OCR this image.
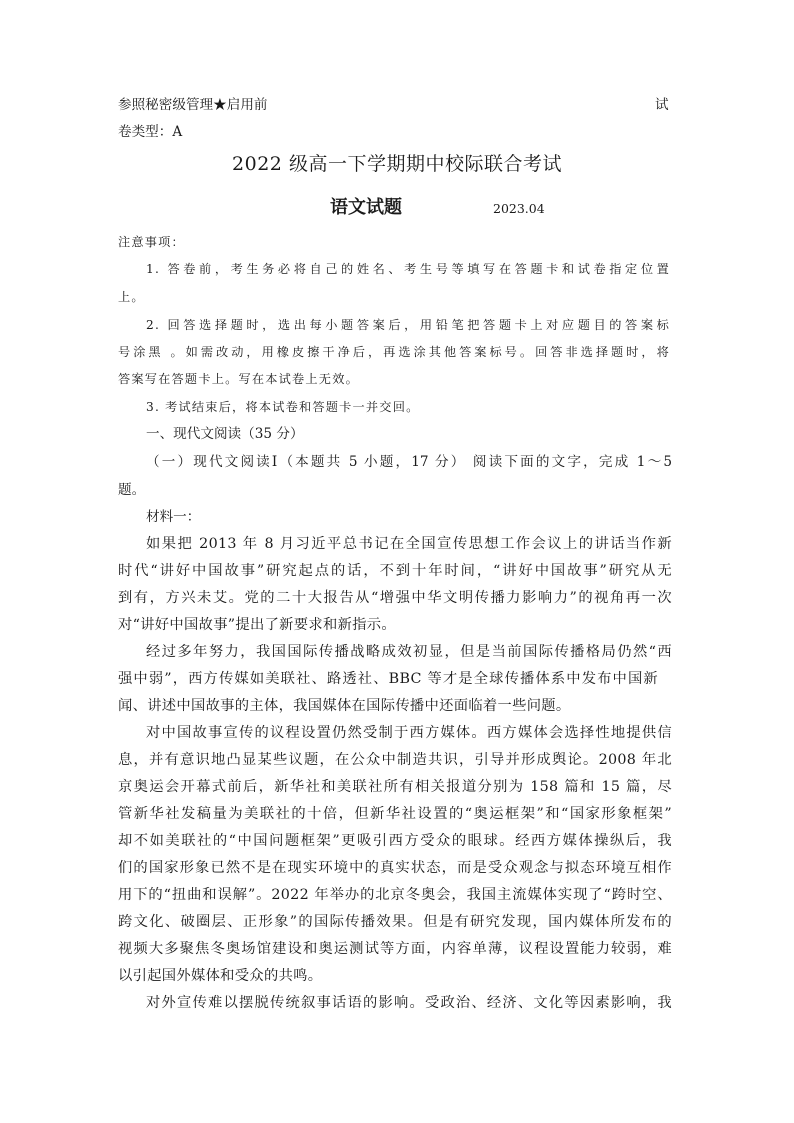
参照秘密级管理★启用前	试
卷类型：A
2022 级高一下学期期中校际联合考试
语文试题	2023.04
注意事项：
1. 答卷前，考生务必将自己的姓名、考生号等填写在答题卡和试卷指定位置
上。
2. 回答选择题时，选出每小题答案后，用铅笔把答题卡上对应题目的答案标
号涂黑 。如需改动，用橡皮擦干净后，再选涂其他答案标号。回答非选择题时，将
答案写在答题卡上。写在本试卷上无效。
3. 考试结束后，将本试卷和答题卡一并交回。
一、现代文阅读（35 分）
（一）现代文阅读Ⅰ（本题共 5 小题，17 分） 阅读下面的文字，完成 1～5
题。
材料一：
如果把 2013 年 8 月习近平总书记在全国宣传思想工作会议上的讲话当作新
时代“讲好中国故事”研究起点的话，不到十年时间，“讲好中国故事”研究从无
到有，方兴未艾。党的二十大报告从“增强中华文明传播力影响力”的视角再一次
对“讲好中国故事”提出了新要求和新指示。
经过多年努力，我国国际传播战略成效初显，但是当前国际传播格局仍然“西
强中弱”，西方传媒如美联社、路透社、BBC 等才是全球传播体系中发布中国新
闻、讲述中国故事的主体，我国媒体在国际传播中还面临着一些问题。
对中国故事宣传的议程设置仍然受制于西方媒体。西方媒体会选择性地提供信
息，并有意识地凸显某些议题，在公众中制造共识，引导并形成舆论。2008 年北
京奥运会开幕式前后，新华社和美联社所有相关报道分别为 158 篇和 15 篇，尽
管新华社发稿量为美联社的十倍，但新华社设置的“奥运框架”和“国家形象框架”
却不如美联社的“中国问题框架”更吸引西方受众的眼球。经西方媒体操纵后，我
们的国家形象已然不是在现实环境中的真实状态，而是受众观念与拟态环境互相作
用下的“扭曲和误解”。2022 年举办的北京冬奥会，我国主流媒体实现了“跨时空、
跨文化、破圈层、正形象”的国际传播效果。但是有研究发现，国内媒体所发布的
视频大多聚焦冬奥场馆建设和奥运测试等方面，内容单薄，议程设置能力较弱，难
以引起国外媒体和受众的共鸣。
对外宣传难以摆脱传统叙事话语的影响。受政治、经济、文化等因素影响，我
